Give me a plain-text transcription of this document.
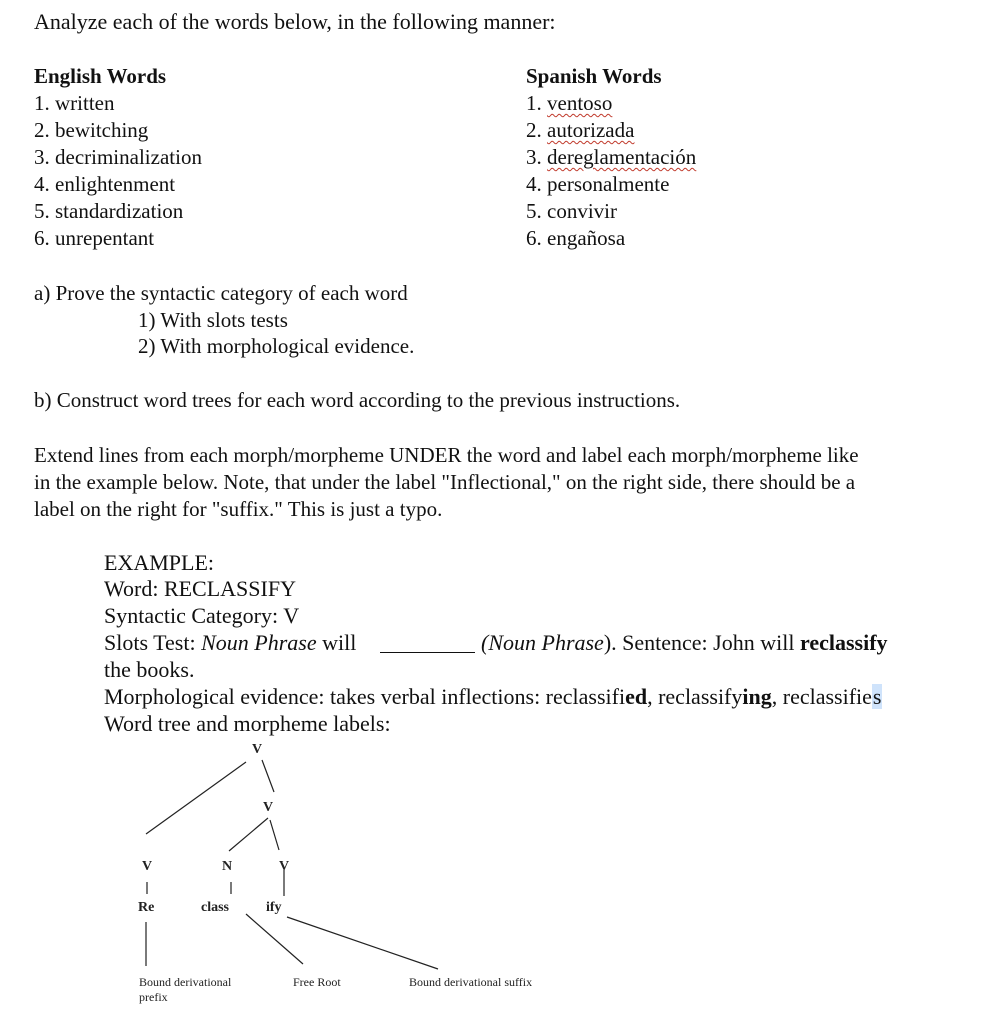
Analyze each of the words below, in the following manner:
English Words
1. written
2. bewitching
3. decriminalization
4. enlightenment
5. standardization
6. unrepentant
Spanish Words
1. ventoso
2. autorizada
3. dereglamentación
4. personalmente
5. convivir
6. engañosa
a) Prove the syntactic category of each word
1) With slots tests
2) With morphological evidence.
b) Construct word trees for each word according to the previous instructions.
Extend lines from each morph/morpheme UNDER the word and label each morph/morpheme like
in the example below. Note, that under the label "Inflectional," on the right side, there should be a
label on the right for "suffix." This is just a typo.
EXAMPLE:
Word: RECLASSIFY
Syntactic Category: V
Slots Test: Noun Phrase will	(Noun Phrase). Sentence: John will reclassify
the books.
Morphological evidence: takes verbal inflections: reclassified, reclassifying, reclassifies
Word tree and morpheme labels:
V
V
V	N	V
Re	class	ify
Bound derivational
prefix
Free Root	Bound derivational suffix
